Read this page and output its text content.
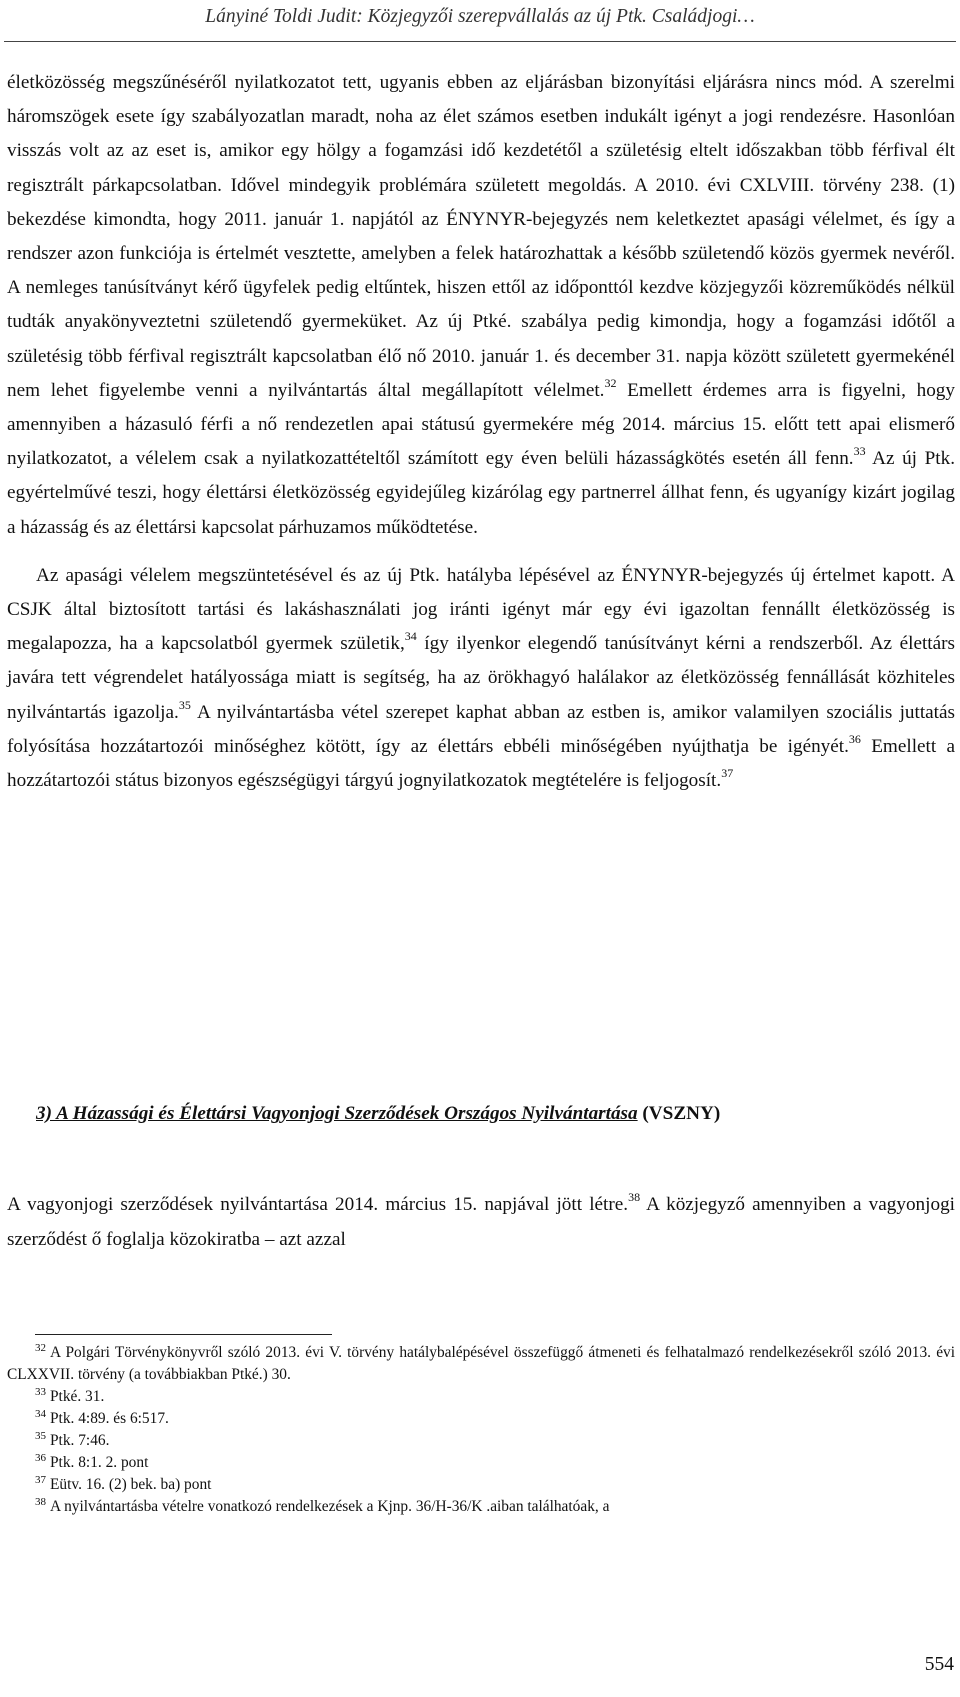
Lányiné Toldi Judit: Közjegyzői szerepvállalás az új Ptk. Családjogi…

életközösség megszűnéséről nyilatkozatot tett, ugyanis ebben az eljárásban bizonyítási eljárásra nincs mód. A szerelmi háromszögek esete így szabályozatlan maradt, noha az élet számos esetben indukált igényt a jogi rendezésre. Hasonlóan visszás volt az az eset is, amikor egy hölgy a fogamzási idő kezdetétől a születésig eltelt időszakban több férfival élt regisztrált párkapcsolatban. Idővel mindegyik problémára született megoldás. A 2010. évi CXLVIII. törvény 238. (1) bekezdése kimondta, hogy 2011. január 1. napjától az ÉNYNYR-bejegyzés nem keletkeztet apasági vélelmet, és így a rendszer azon funkciója is értelmét vesztette, amelyben a felek határozhattak a később születendő közös gyermek nevéről. A nemleges tanúsítványt kérő ügyfelek pedig eltűntek, hiszen ettől az időponttól kezdve közjegyzői közreműködés nélkül tudták anyakönyveztetni születendő gyermeküket. Az új Ptké. szabálya pedig kimondja, hogy a fogamzási időtől a születésig több férfival regisztrált kapcsolatban élő nő 2010. január 1. és december 31. napja között született gyermekénél nem lehet figyelembe venni a nyilvántartás által megállapított vélelmet.$^{32}$ Emellett érdemes arra is figyelni, hogy amennyiben a házasuló férfi a nő rendezetlen apai státusú gyermekére még 2014. március 15. előtt tett apai elismerő nyilatkozatot, a vélelem csak a nyilatkozattételtől számított egy éven belüli házasságkötés esetén áll fenn.$^{33}$ Az új Ptk. egyértelművé teszi, hogy élettársi életközösség egyidejűleg kizárólag egy partnerrel állhat fenn, és ugyanígy kizárt jogilag a házasság és az élettársi kapcsolat párhuzamos működtetése.

Az apasági vélelem megszüntetésével és az új Ptk. hatályba lépésével az ÉNYNYR-bejegyzés új értelmet kapott. A CSJK által biztosított tartási és lakáshasználati jog iránti igényt már egy évi igazoltan fennállt életközösség is megalapozza, ha a kapcsolatból gyermek születik,$^{34}$ így ilyenkor elegendő tanúsítványt kérni a rendszerből. Az élettárs javára tett végrendelet hatályossága miatt is segítség, ha az örökhagyó halálakor az életközösség fennállását közhiteles nyilvántartás igazolja.$^{35}$ A nyilvántartásba vétel szerepet kaphat abban az estben is, amikor valamilyen szociális juttatás folyósítása hozzátartozói minőséghez kötött, így az élettárs ebbéli minőségében nyújthatja be igényét.$^{36}$ Emellett a hozzátartozói státus bizonyos egészségügyi tárgyú jognyilatkozatok megtételére is feljogosít.$^{37}$

3) A Házassági és Élettársi Vagyonjogi Szerződések Országos Nyilvántartása (VSZNY)

A vagyonjogi szerződések nyilvántartása 2014. március 15. napjával jött létre.$^{38}$ A közjegyző amennyiben a vagyonjogi szerződést ő foglalja közokiratba – azt azzal

$^{32}$ A Polgári Törvénykönyvről szóló 2013. évi V. törvény hatálybalépésével összefüggő átmeneti és felhatalmazó rendelkezésekről szóló 2013. évi CLXXVII. törvény (a továbbiakban Ptké.) 30.

$^{33}$ Ptké. 31.

$^{34}$ Ptk. 4:89. és 6:517.

$^{35}$ Ptk. 7:46.

$^{36}$ Ptk. 8:1. 2. pont

$^{37}$ Eütv. 16. (2) bek. ba) pont

$^{38}$ A nyilvántartásba vételre vonatkozó rendelkezések a Kjnp. 36/H-36/K .aiban találhatóak, a

554
